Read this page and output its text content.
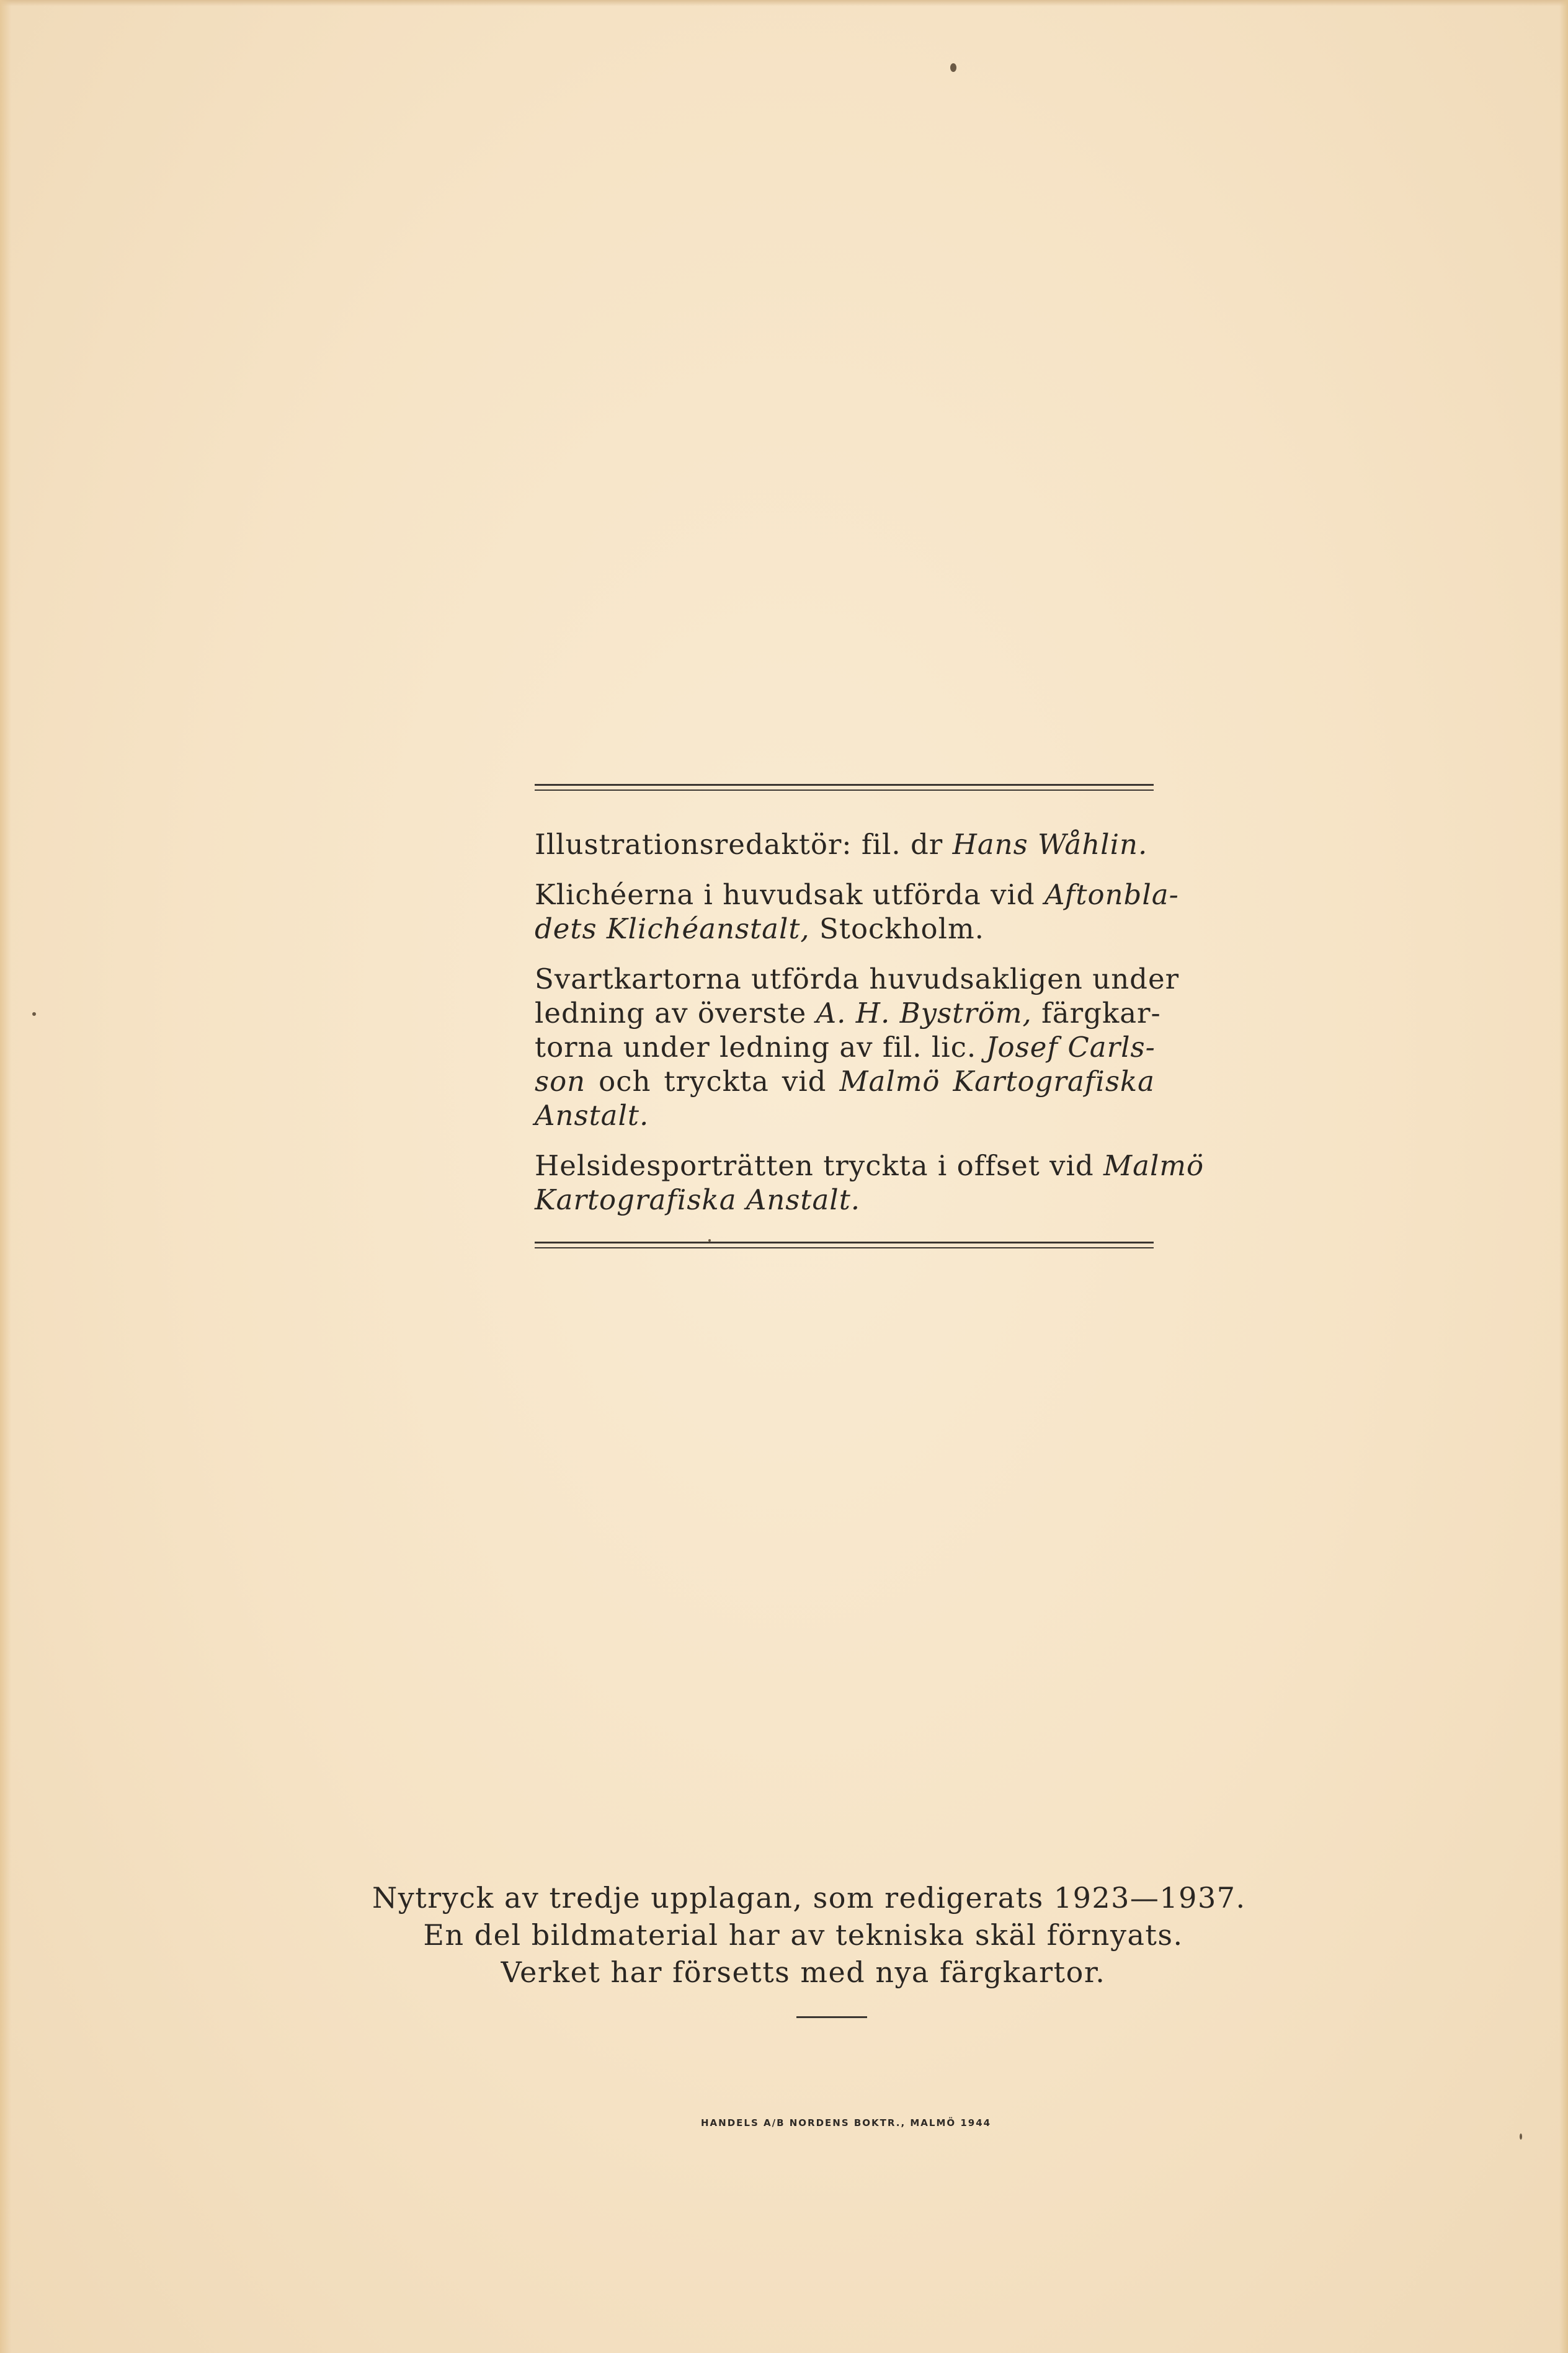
Illustrationsredaktör: fil. dr Hans Wåhlin.

Klichéerna i huvudsak utförda vid Aftonbla-
dets Klichéanstalt, Stockholm.

Svartkartorna utförda huvudsakligen under
ledning av överste A. H. Byström, färgkar-
torna under ledning av fil. lic. Josef Carls-
son och tryckta vid Malmö Kartografiska
Anstalt.

Helsidesporträtten tryckta i offset vid Malmö
Kartografiska Anstalt.

Nytryck av tredje upplagan, som redigerats 1923—1937.
En del bildmaterial har av tekniska skäl förnyats.
Verket har försetts med nya färgkartor.
HANDELS A/B NORDENS BOKTR., MALMÖ 1944
